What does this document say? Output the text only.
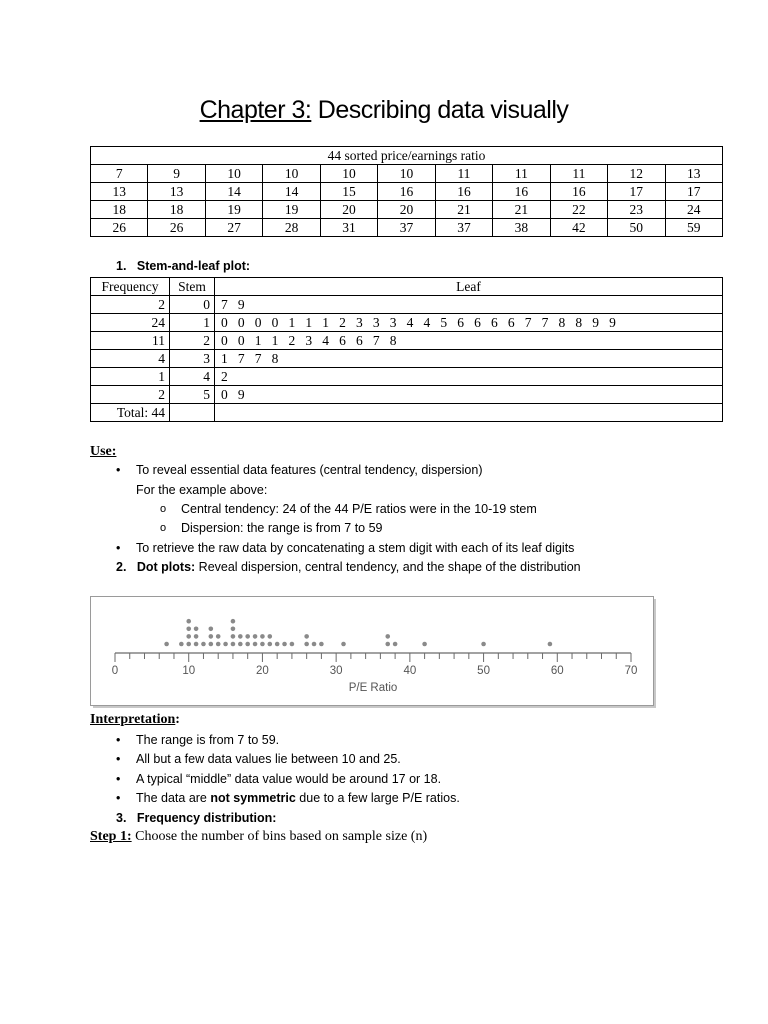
Chapter 3: Describing data visually
44 sorted price/earnings ratio										
7	9	10	10	10	10	11	11	11	12	13
13	13	14	14	15	16	16	16	16	17	17
18	18	19	19	20	20	21	21	22	23	24
26	26	27	28	31	37	37	38	42	50	59
1. Stem-and-leaf plot:
Frequency	Stem	Leaf
2	0	7   9
24	1	0   0   0   0   1   1   1   2   3   3   3   4   4   5   6   6   6   6   7   7   8   8   9   9
11	2	0   0   1   1   2   3   4   6   6   7   8
4	3	1   7   7   8
1	4	2
2	5	0   9
Total: 44		
Use:
• To reveal essential data features (central tendency, dispersion)
For the example above:
o Central tendency: 24 of the 44 P/E ratios were in the 10-19 stem
o Dispersion: the range is from 7 to 59
• To retrieve the raw data by concatenating a stem digit with each of its leaf digits
2. Dot plots: Reveal dispersion, central tendency, and the shape of the distribution
0	10	20	30	40	50	60	70
P/E Ratio
Interpretation:
• The range is from 7 to 59.
• All but a few data values lie between 10 and 25.
• A typical “middle” data value would be around 17 or 18.
• The data are not symmetric due to a few large P/E ratios.
3. Frequency distribution:
Step 1: Choose the number of bins based on sample size (n)
